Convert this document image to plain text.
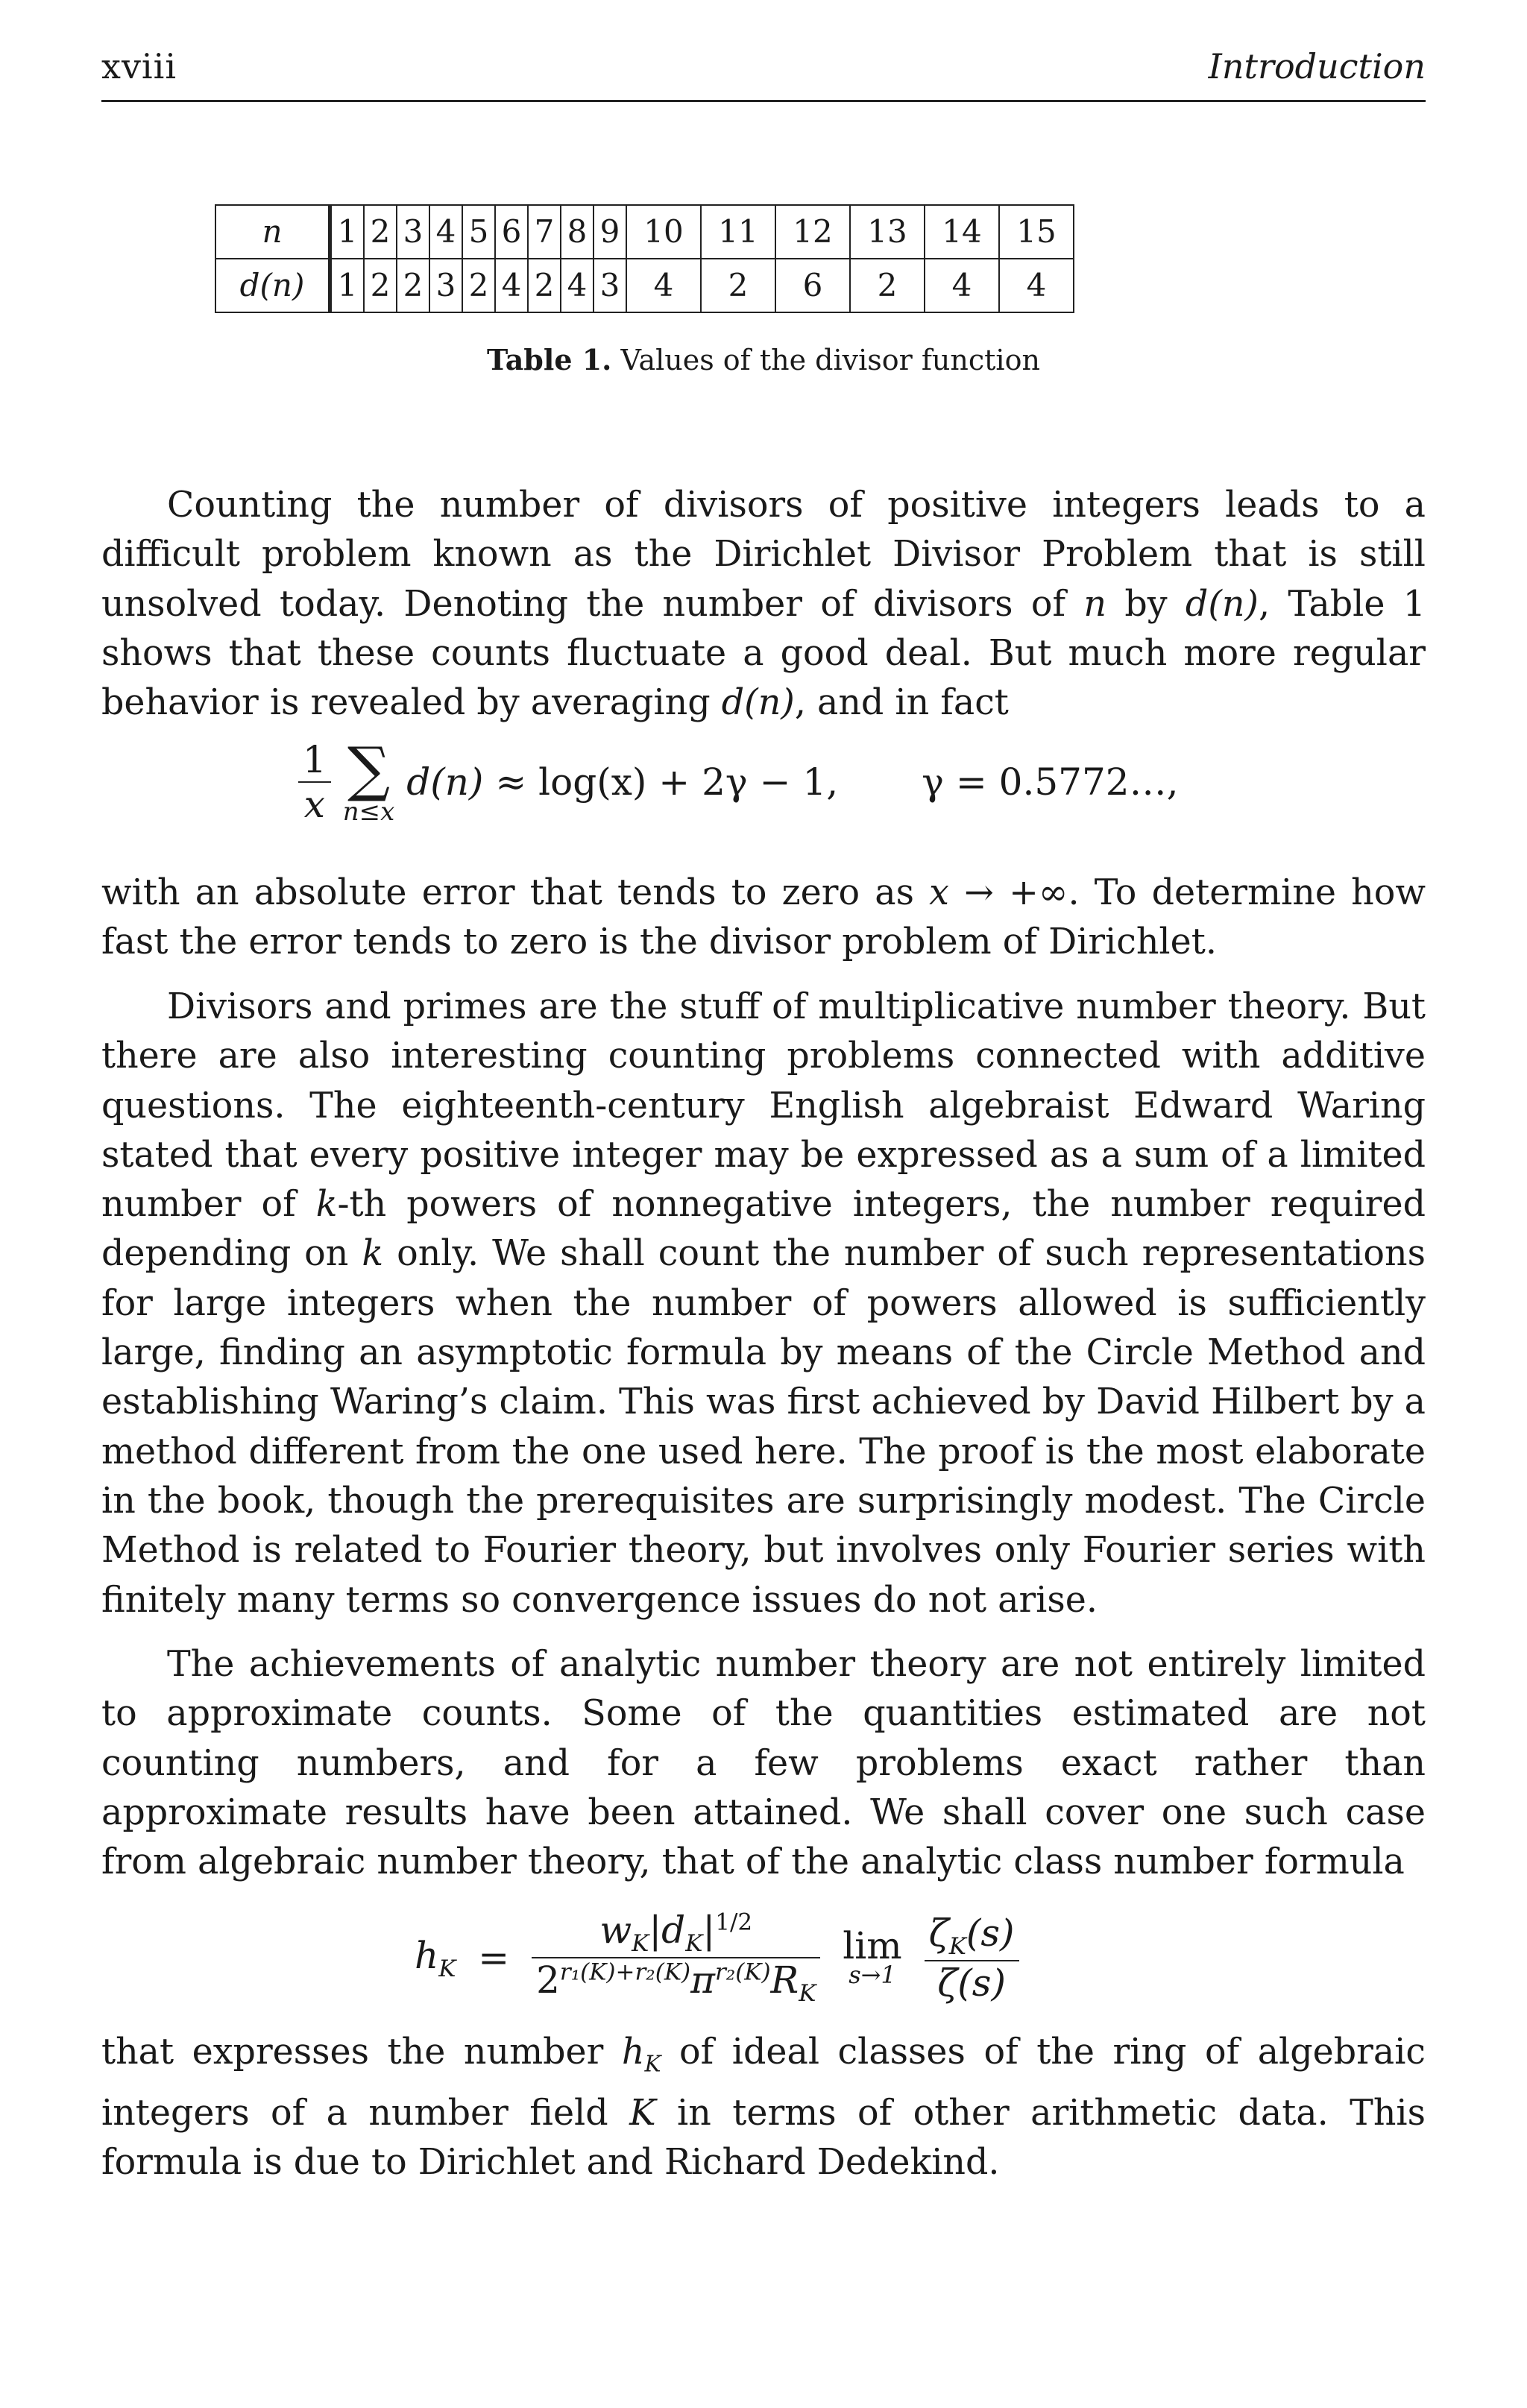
xviii	Introduction
n	1	2	3	4	5	6	7	8	9	10	11	12	13	14	15
d(n)	1	2	2	3	2	4	2	4	3	4	2	6	2	4	4
Table 1. Values of the divisor function

Counting the number of divisors of positive integers leads to a difficult problem known as the Dirichlet Divisor Problem that is still unsolved today. Denoting the number of divisors of n by d(n), Table 1 shows that these counts fluctuate a good deal. But much more regular behavior is revealed by averaging d(n), and in fact

$\frac{1}{x}$
∑
n≤x
d(n) ≈ log(x) + 2γ − 1, γ = 0.5772…,

with an absolute error that tends to zero as x → +∞. To determine how fast the error tends to zero is the divisor problem of Dirichlet.

Divisors and primes are the stuff of multiplicative number theory. But there are also interesting counting problems connected with additive questions. The eighteenth-century English algebraist Edward Waring stated that every positive integer may be expressed as a sum of a limited number of k-th powers of nonnegative integers, the number required depending on k only. We shall count the number of such representations for large integers when the number of powers allowed is sufficiently large, finding an asymptotic formula by means of the Circle Method and establishing Waring’s claim. This was first achieved by David Hilbert by a method different from the one used here. The proof is the most elaborate in the book, though the prerequisites are surprisingly modest. The Circle Method is related to Fourier theory, but involves only Fourier series with finitely many terms so convergence issues do not arise.

The achievements of analytic number theory are not entirely limited to approximate counts. Some of the quantities estimated are not counting numbers, and for a few problems exact rather than approximate results have been attained. We shall cover one such case from algebraic number theory, that of the analytic class number formula

$h_K = \frac{w_K|d_K|^{1/2}}{2^{r_1(K)+r_2(K)}\pi^{r_2(K)}R_K}$
lim
s→1
$\frac{\zeta_K(s)}{\zeta(s)}$

that expresses the number $h_K$ of ideal classes of the ring of algebraic integers of a number field K in terms of other arithmetic data. This formula is due to Dirichlet and Richard Dedekind.
